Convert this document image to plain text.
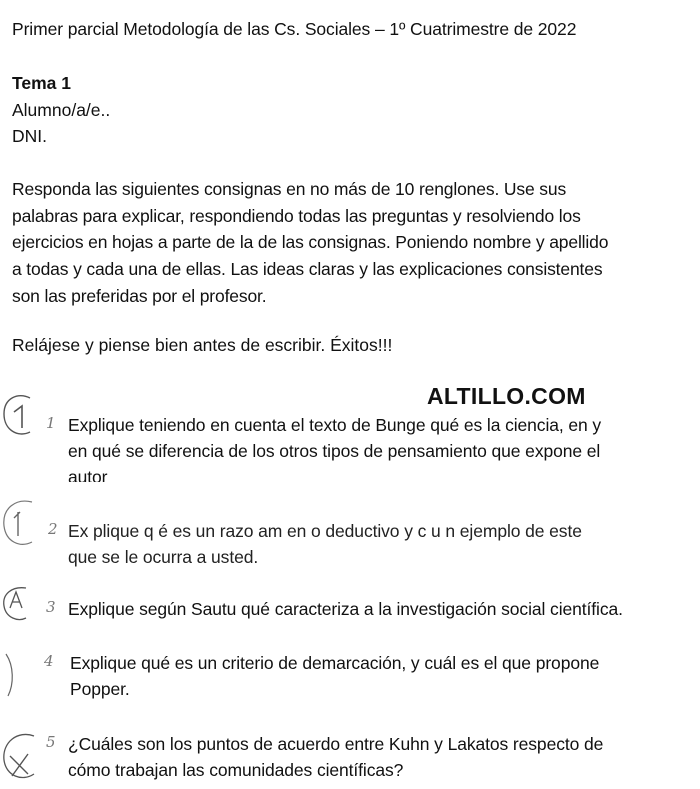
Primer parcial Metodología de las Cs. Sociales – 1º Cuatrimestre de 2022
Tema 1
Alumno/a/e..
DNI.
Responda las siguientes consignas en no más de 10 renglones. Use sus
palabras para explicar, respondiendo todas las preguntas y resolviendo los
ejercicios en hojas a parte de la de las consignas. Poniendo nombre y apellido
a todas y cada una de ellas. Las ideas claras y las explicaciones consistentes
son las preferidas por el profesor.
Relájese y piense bien antes de escribir. Éxitos!!!
ALTILLO.COM
1 Explique teniendo en cuenta el texto de Bunge qué es la ciencia, en y
en qué se diferencia de los otros tipos de pensamiento que expone el
autor
2 Ex plique q é es un razo am en o deductivo y c u n ejemplo de este
que se le ocurra a usted.
3 Explique según Sautu qué caracteriza a la investigación social científica.
4 Explique qué es un criterio de demarcación, y cuál es el que propone
Popper.
5 ¿Cuáles son los puntos de acuerdo entre Kuhn y Lakatos respecto de
cómo trabajan las comunidades científicas?
